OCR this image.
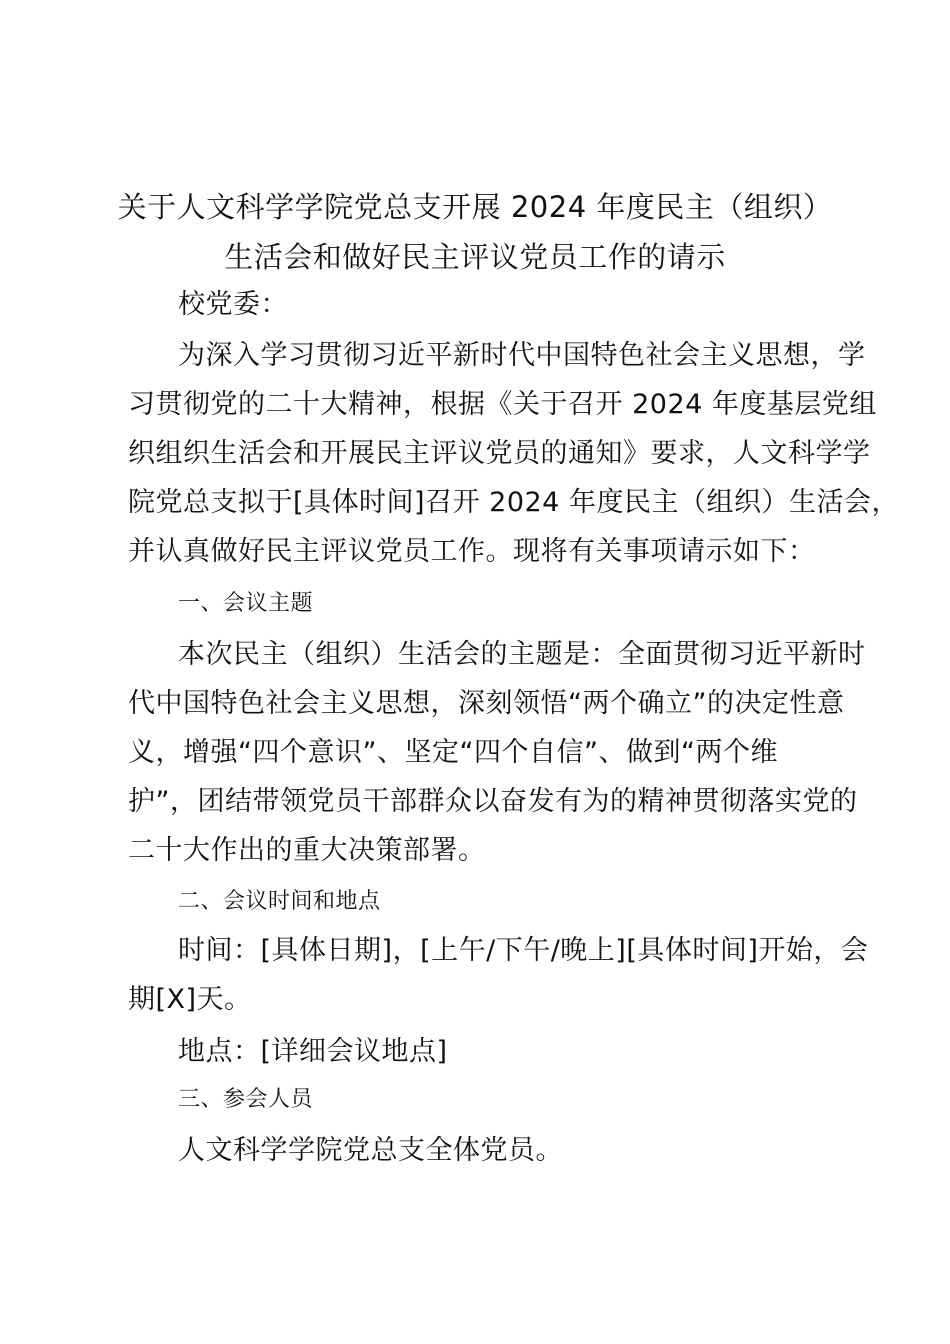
关于人文科学学院党总支开展 2024 年度民主（组织）
生活会和做好民主评议党员工作的请示
校党委：
为深入学习贯彻习近平新时代中国特色社会主义思想，学
习贯彻党的二十大精神，根据《关于召开 2024 年度基层党组
织组织生活会和开展民主评议党员的通知》要求，人文科学学
院党总支拟于[具体时间]召开 2024 年度民主（组织）生活会，
并认真做好民主评议党员工作。现将有关事项请示如下：
一、会议主题
本次民主（组织）生活会的主题是：全面贯彻习近平新时
代中国特色社会主义思想，深刻领悟“两个确立”的决定性意
义，增强“四个意识”、坚定“四个自信”、做到“两个维
护”，团结带领党员干部群众以奋发有为的精神贯彻落实党的
二十大作出的重大决策部署。
二、会议时间和地点
时间：[具体日期]，[上午/下午/晚上][具体时间]开始，会
期[X]天。
地点：[详细会议地点]
三、参会人员
人文科学学院党总支全体党员。
